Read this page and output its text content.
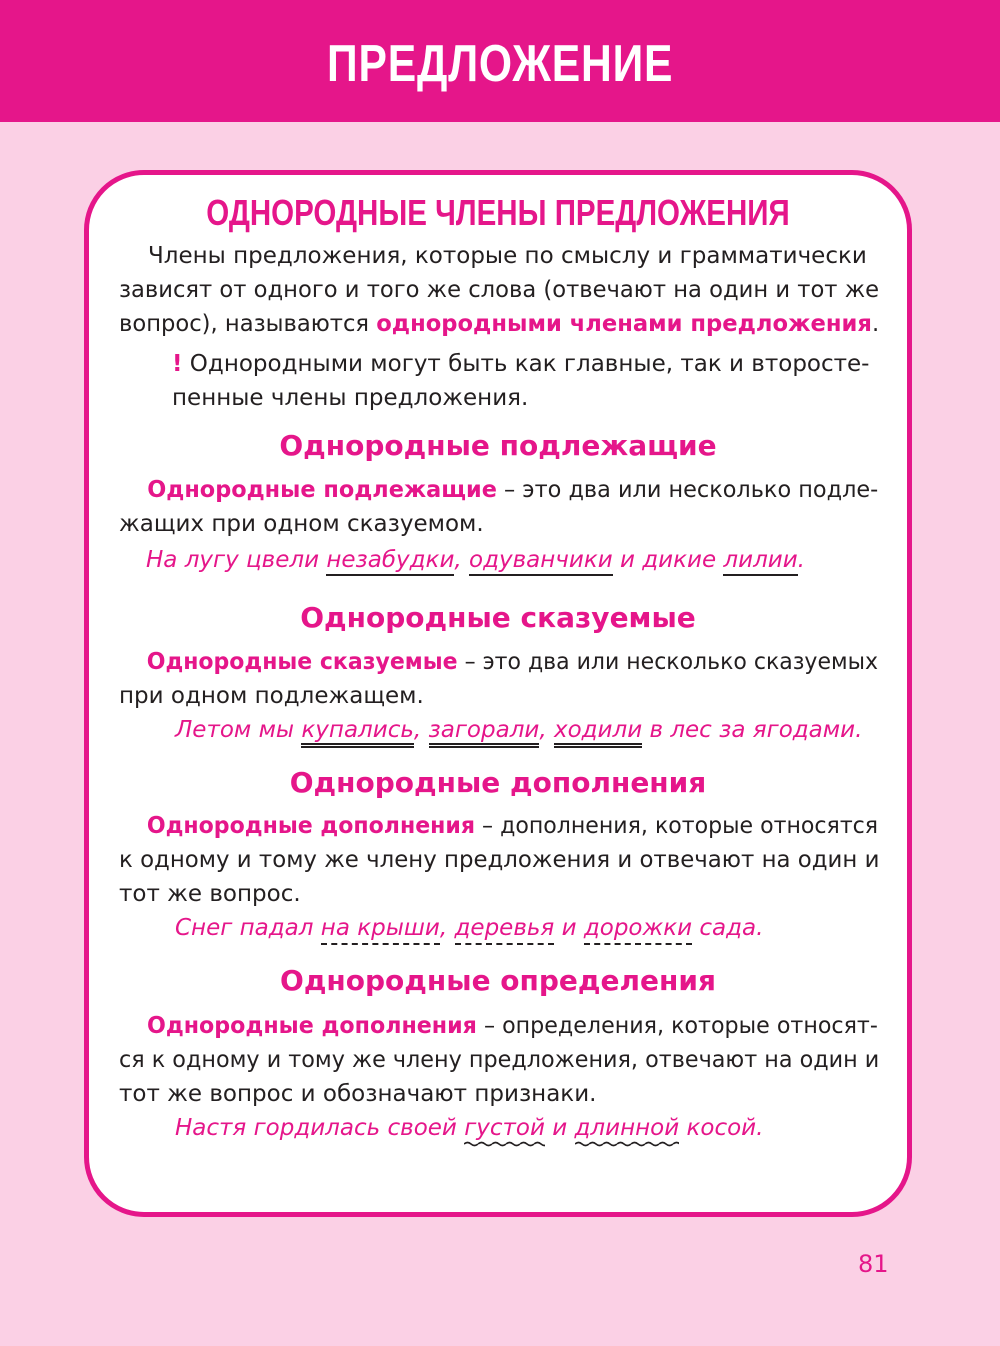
ПРЕДЛОЖЕНИЕ
ОДНОРОДНЫЕ ЧЛЕНЫ ПРЕДЛОЖЕНИЯ
Члены предложения, которые по смыслу и грамматически
зависят от одного и того же слова (отвечают на один и тот же
вопрос), называются однородными членами предложения.
! Однородными могут быть как главные, так и второсте-
пенные члены предложения.
Однородные подлежащие
Однородные подлежащие – это два или несколько подле-
жащих при одном сказуемом.
На лугу цвели незабудки, одуванчики и дикие лилии.
Однородные сказуемые
Однородные сказуемые – это два или несколько сказуемых
при одном подлежащем.
Летом мы купались, загорали, ходили в лес за ягодами.
Однородные дополнения
Однородные дополнения – дополнения, которые относятся
к одному и тому же члену предложения и отвечают на один и
тот же вопрос.
Снег падал на крыши, деревья и дорожки сада.
Однородные определения
Однородные дополнения – определения, которые относят-
ся к одному и тому же члену предложения, отвечают на один и
тот же вопрос и обозначают признаки.
Настя гордилась своей густой и длинной косой.
81
